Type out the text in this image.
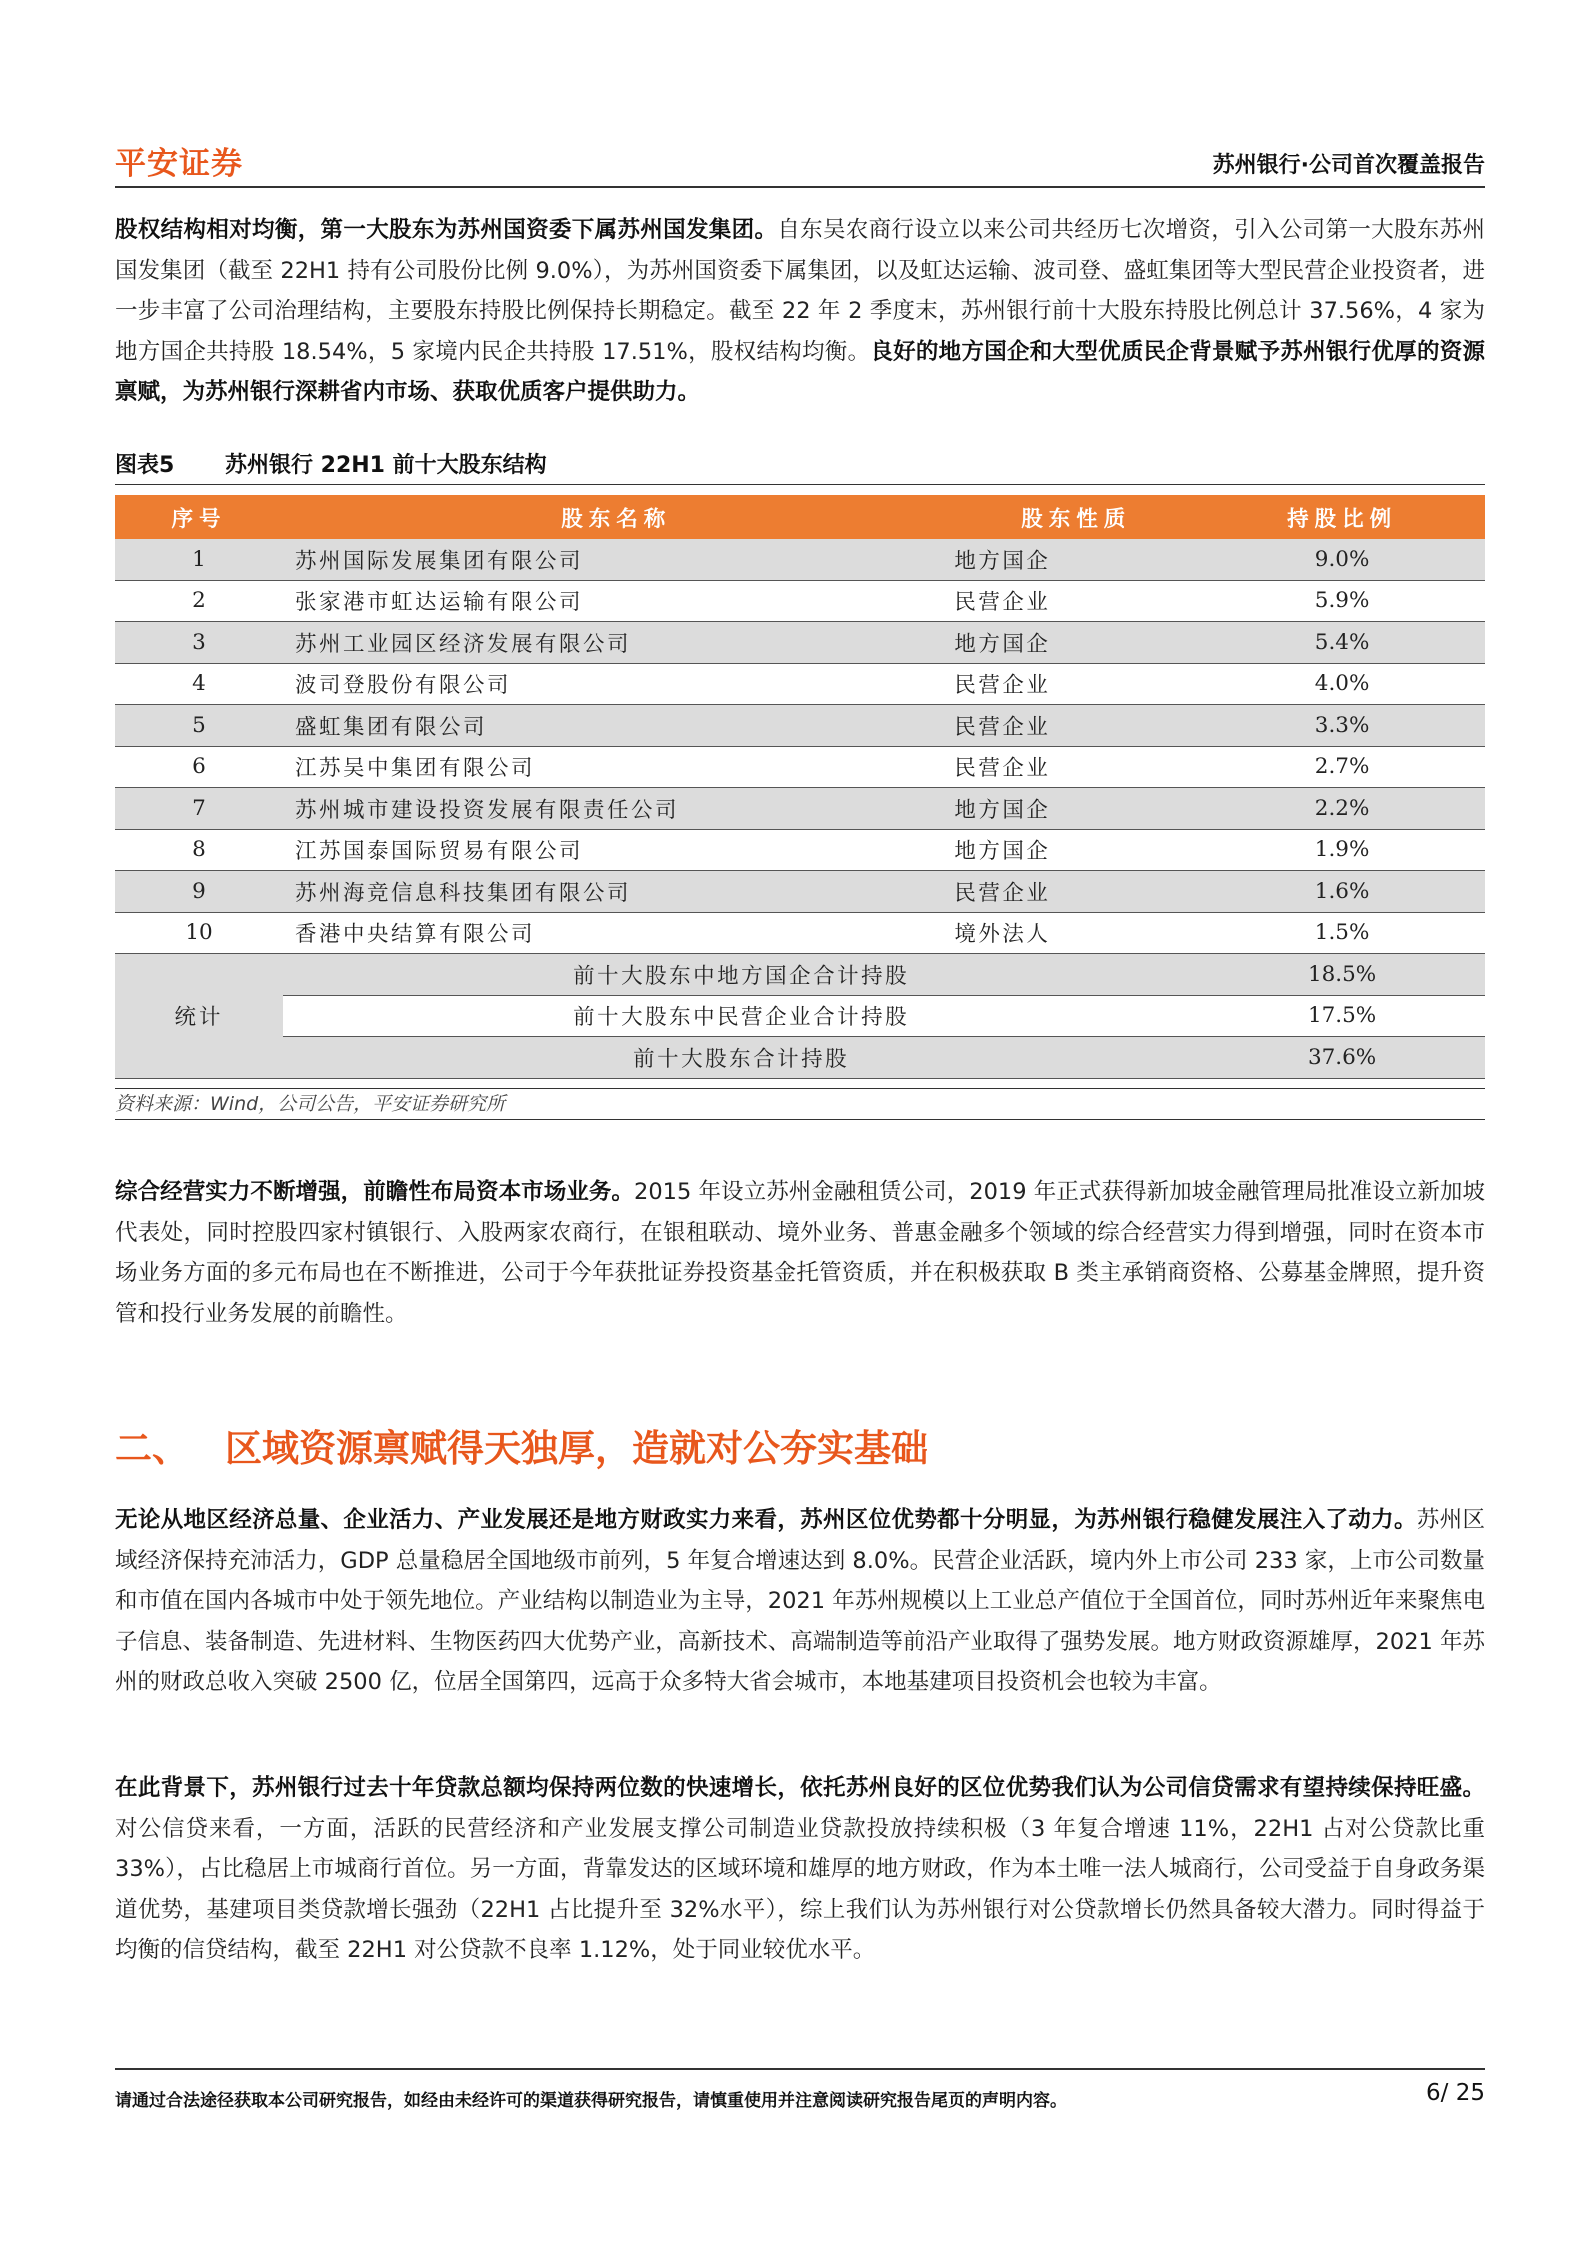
平安证券	苏州银行·公司首次覆盖报告
股权结构相对均衡，第一大股东为苏州国资委下属苏州国发集团。自东吴农商行设立以来公司共经历七次增资，引入公司第一大股东苏州国发集团（截至 22H1 持有公司股份比例 9.0%），为苏州国资委下属集团，以及虹达运输、波司登、盛虹集团等大型民营企业投资者，进一步丰富了公司治理结构，主要股东持股比例保持长期稳定。截至 22 年 2 季度末，苏州银行前十大股东持股比例总计 37.56%，4 家为地方国企共持股 18.54%，5 家境内民企共持股 17.51%，股权结构均衡。良好的地方国企和大型优质民企背景赋予苏州银行优厚的资源禀赋，为苏州银行深耕省内市场、获取优质客户提供助力。
图表5 苏州银行 22H1 前十大股东结构
序号	股东名称	股东性质	持股比例
1	苏州国际发展集团有限公司	地方国企	9.0%
2	张家港市虹达运输有限公司	民营企业	5.9%
3	苏州工业园区经济发展有限公司	地方国企	5.4%
4	波司登股份有限公司	民营企业	4.0%
5	盛虹集团有限公司	民营企业	3.3%
6	江苏吴中集团有限公司	民营企业	2.7%
7	苏州城市建设投资发展有限责任公司	地方国企	2.2%
8	江苏国泰国际贸易有限公司	地方国企	1.9%
9	苏州海竞信息科技集团有限公司	民营企业	1.6%
10	香港中央结算有限公司	境外法人	1.5%
统计	前十大股东中地方国企合计持股		18.5%
	前十大股东中民营企业合计持股		17.5%
	前十大股东合计持股		37.6%
资料来源：Wind，公司公告，平安证券研究所
综合经营实力不断增强，前瞻性布局资本市场业务。2015 年设立苏州金融租赁公司，2019 年正式获得新加坡金融管理局批准设立新加坡代表处，同时控股四家村镇银行、入股两家农商行，在银租联动、境外业务、普惠金融多个领域的综合经营实力得到增强，同时在资本市场业务方面的多元布局也在不断推进，公司于今年获批证券投资基金托管资质，并在积极获取 B 类主承销商资格、公募基金牌照，提升资管和投行业务发展的前瞻性。
二、 区域资源禀赋得天独厚，造就对公夯实基础
无论从地区经济总量、企业活力、产业发展还是地方财政实力来看，苏州区位优势都十分明显，为苏州银行稳健发展注入了动力。苏州区域经济保持充沛活力，GDP 总量稳居全国地级市前列，5 年复合增速达到 8.0%。民营企业活跃，境内外上市公司 233 家，上市公司数量和市值在国内各城市中处于领先地位。产业结构以制造业为主导，2021 年苏州规模以上工业总产值位于全国首位，同时苏州近年来聚焦电子信息、装备制造、先进材料、生物医药四大优势产业，高新技术、高端制造等前沿产业取得了强势发展。地方财政资源雄厚，2021 年苏州的财政总收入突破 2500 亿，位居全国第四，远高于众多特大省会城市，本地基建项目投资机会也较为丰富。
在此背景下，苏州银行过去十年贷款总额均保持两位数的快速增长，依托苏州良好的区位优势我们认为公司信贷需求有望持续保持旺盛。对公信贷来看，一方面，活跃的民营经济和产业发展支撑公司制造业贷款投放持续积极（3 年复合增速 11%，22H1 占对公贷款比重 33%），占比稳居上市城商行首位。另一方面，背靠发达的区域环境和雄厚的地方财政，作为本土唯一法人城商行，公司受益于自身政务渠道优势，基建项目类贷款增长强劲（22H1 占比提升至 32%水平），综上我们认为苏州银行对公贷款增长仍然具备较大潜力。同时得益于均衡的信贷结构，截至 22H1 对公贷款不良率 1.12%，处于同业较优水平。
请通过合法途径获取本公司研究报告，如经由未经许可的渠道获得研究报告，请慎重使用并注意阅读研究报告尾页的声明内容。	6/ 25
